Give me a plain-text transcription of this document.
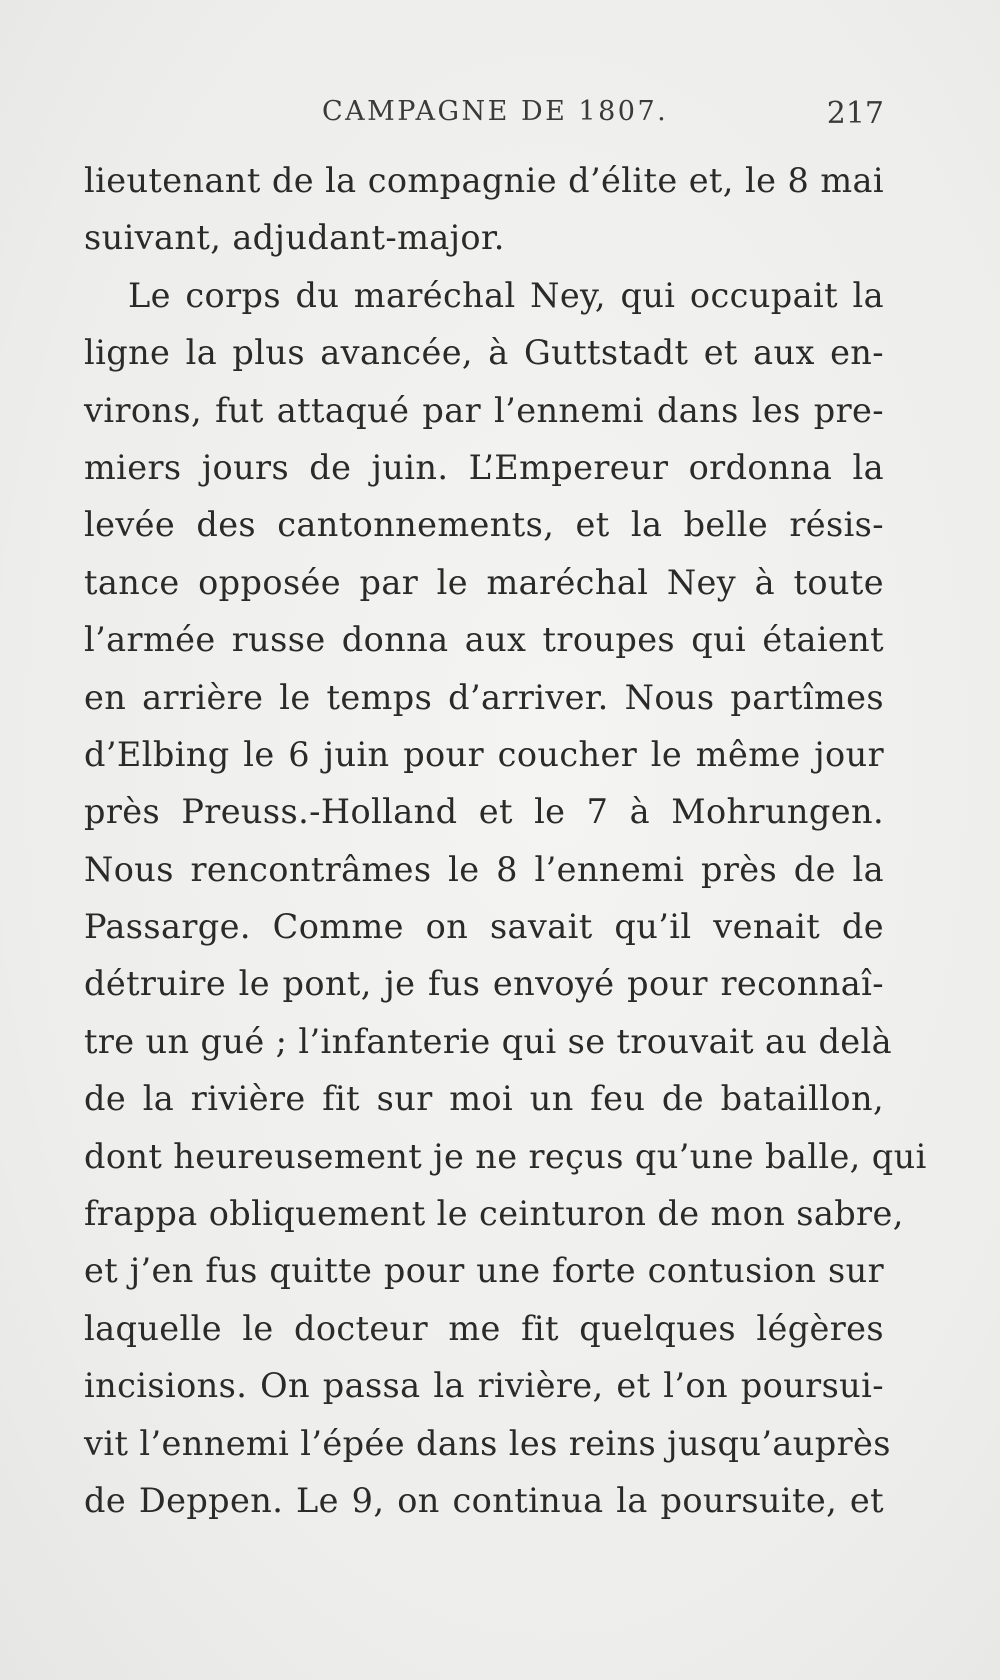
CAMPAGNE DE 1807.	217
lieutenant de la compagnie d’élite et, le 8 mai
suivant, adjudant-major.
Le corps du maréchal Ney, qui occupait la
ligne la plus avancée, à Guttstadt et aux en-
virons, fut attaqué par l’ennemi dans les pre-
miers jours de juin. L’Empereur ordonna la
levée des cantonnements, et la belle résis-
tance opposée par le maréchal Ney à toute
l’armée russe donna aux troupes qui étaient
en arrière le temps d’arriver. Nous partîmes
d’Elbing le 6 juin pour coucher le même jour
près Preuss.-Holland et le 7 à Mohrungen.
Nous rencontrâmes le 8 l’ennemi près de la
Passarge. Comme on savait qu’il venait de
détruire le pont, je fus envoyé pour reconnaî-
tre un gué ; l’infanterie qui se trouvait au delà
de la rivière fit sur moi un feu de bataillon,
dont heureusement je ne reçus qu’une balle, qui
frappa obliquement le ceinturon de mon sabre,
et j’en fus quitte pour une forte contusion sur
laquelle le docteur me fit quelques légères
incisions. On passa la rivière, et l’on poursui-
vit l’ennemi l’épée dans les reins jusqu’auprès
de Deppen. Le 9, on continua la poursuite, et
